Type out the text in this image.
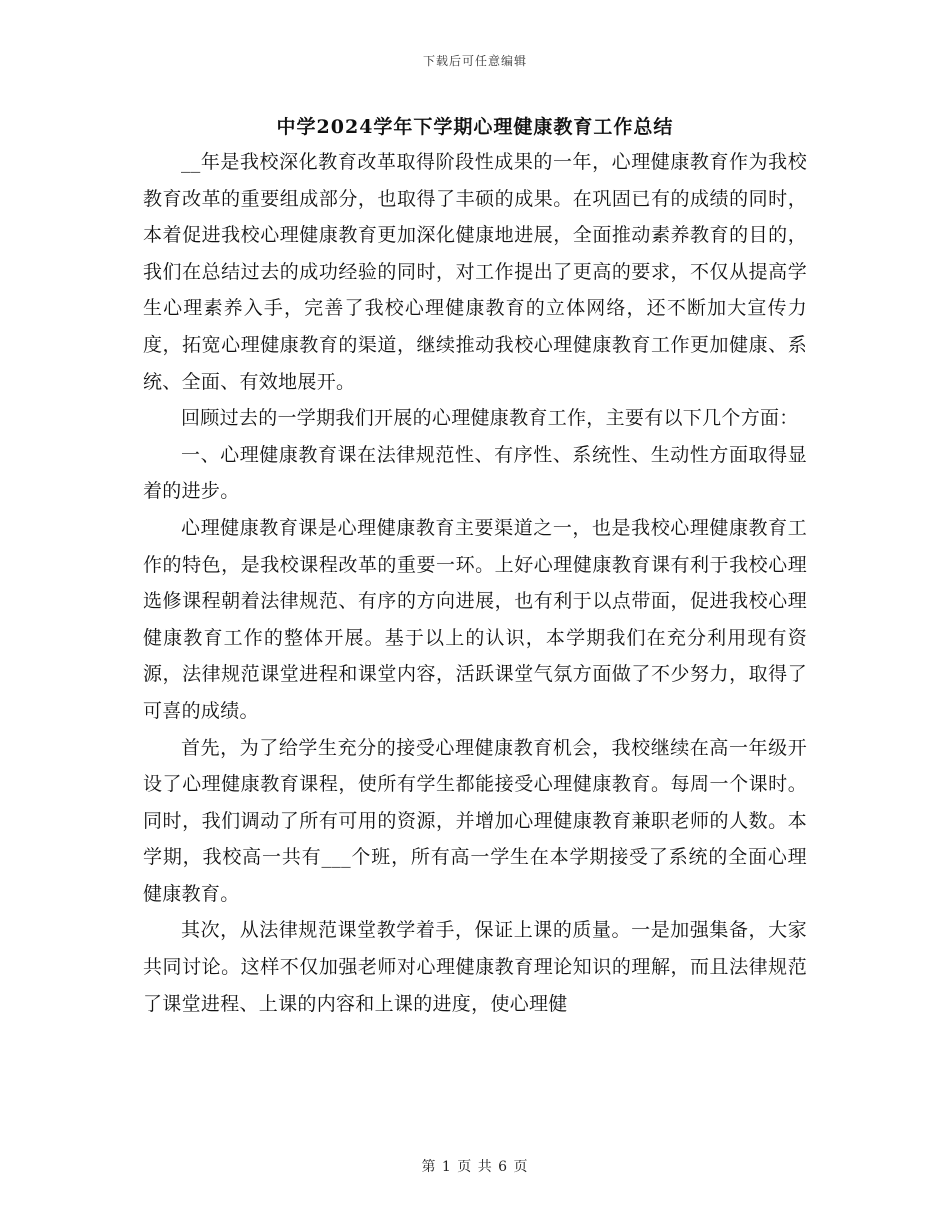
下载后可任意编辑
中学2024学年下学期心理健康教育工作总结

__年是我校深化教育改革取得阶段性成果的一年，心理健康教育作为我校教育改革的重要组成部分，也取得了丰硕的成果。在巩固已有的成绩的同时，本着促进我校心理健康教育更加深化健康地进展，全面推动素养教育的目的，我们在总结过去的成功经验的同时，对工作提出了更高的要求，不仅从提高学生心理素养入手，完善了我校心理健康教育的立体网络，还不断加大宣传力度，拓宽心理健康教育的渠道，继续推动我校心理健康教育工作更加健康、系统、全面、有效地展开。

回顾过去的一学期我们开展的心理健康教育工作，主要有以下几个方面：

一、心理健康教育课在法律规范性、有序性、系统性、生动性方面取得显着的进步。

心理健康教育课是心理健康教育主要渠道之一，也是我校心理健康教育工作的特色，是我校课程改革的重要一环。上好心理健康教育课有利于我校心理选修课程朝着法律规范、有序的方向进展，也有利于以点带面，促进我校心理健康教育工作的整体开展。基于以上的认识，本学期我们在充分利用现有资源，法律规范课堂进程和课堂内容，活跃课堂气氛方面做了不少努力，取得了可喜的成绩。

首先，为了给学生充分的接受心理健康教育机会，我校继续在高一年级开设了心理健康教育课程，使所有学生都能接受心理健康教育。每周一个课时。同时，我们调动了所有可用的资源，并增加心理健康教育兼职老师的人数。本学期，我校高一共有___个班，所有高一学生在本学期接受了系统的全面心理健康教育。

其次，从法律规范课堂教学着手，保证上课的质量。一是加强集备，大家共同讨论。这样不仅加强老师对心理健康教育理论知识的理解，而且法律规范了课堂进程、上课的内容和上课的进度，使心理健

第 1 页 共 6 页
